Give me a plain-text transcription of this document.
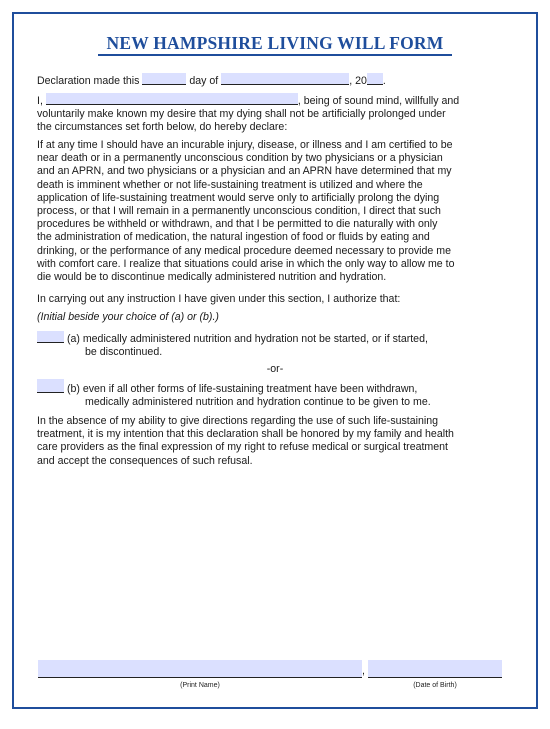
NEW HAMPSHIRE LIVING WILL FORM
Declaration made this	day of	, 20 .
I,	, being of sound mind, willfully and
voluntarily make known my desire that my dying shall not be artificially prolonged under
the circumstances set forth below, do hereby declare:
If at any time I should have an incurable injury, disease, or illness and I am certified to be
near death or in a permanently unconscious condition by two physicians or a physician
and an APRN, and two physicians or a physician and an APRN have determined that my
death is imminent whether or not life-sustaining treatment is utilized and where the
application of life-sustaining treatment would serve only to artificially prolong the dying
process, or that I will remain in a permanently unconscious condition, I direct that such
procedures be withheld or withdrawn, and that I be permitted to die naturally with only
the administration of medication, the natural ingestion of food or fluids by eating and
drinking, or the performance of any medical procedure deemed necessary to provide me
with comfort care. I realize that situations could arise in which the only way to allow me to
die would be to discontinue medically administered nutrition and hydration.
In carrying out any instruction I have given under this section, I authorize that:
(Initial beside your choice of (a) or (b).)
(a) medically administered nutrition and hydration not be started, or if started,
be discontinued.
-or-
(b) even if all other forms of life-sustaining treatment have been withdrawn,
medically administered nutrition and hydration continue to be given to me.
In the absence of my ability to give directions regarding the use of such life-sustaining
treatment, it is my intention that this declaration shall be honored by my family and health
care providers as the final expression of my right to refuse medical or surgical treatment
and accept the consequences of such refusal.
,
(Print Name)	(Date of Birth)
